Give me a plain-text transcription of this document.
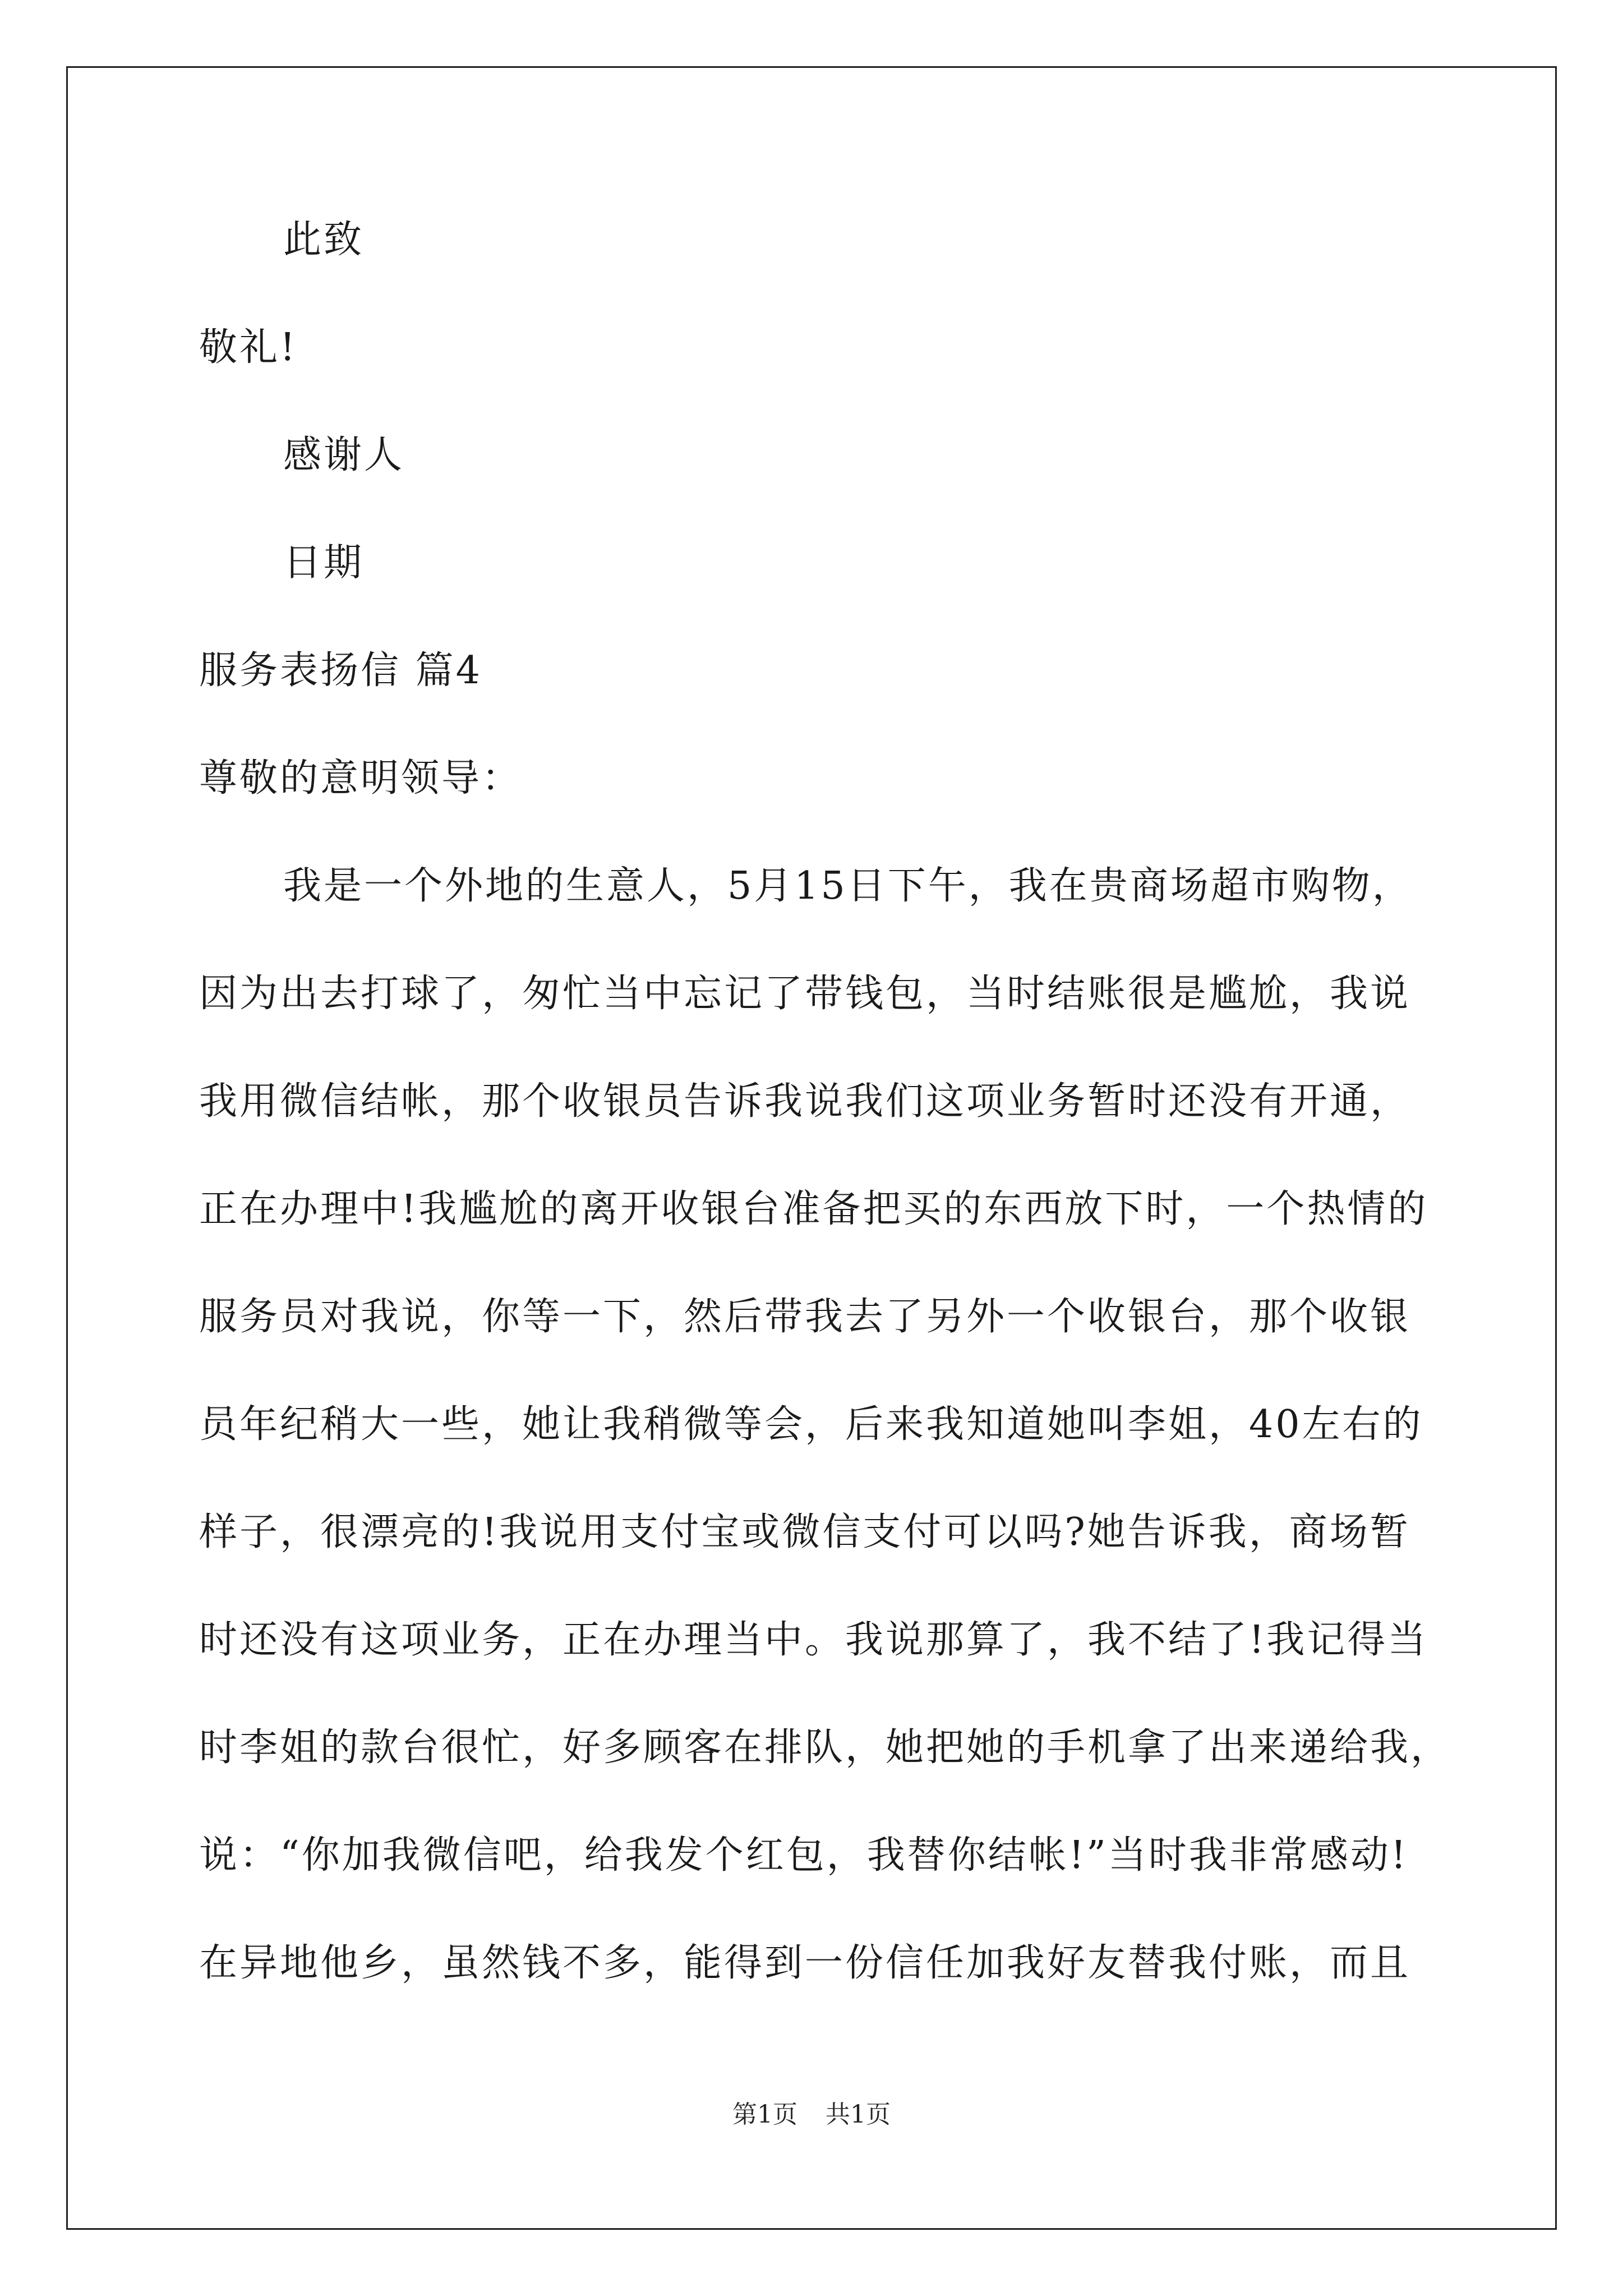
此致
敬礼!
感谢人
日期
服务表扬信 篇4
尊敬的意明领导：
我是一个外地的生意人，5月15日下午，我在贵商场超市购物，
因为出去打球了，匆忙当中忘记了带钱包，当时结账很是尴尬，我说
我用微信结帐，那个收银员告诉我说我们这项业务暂时还没有开通，
正在办理中!我尴尬的离开收银台准备把买的东西放下时，一个热情的
服务员对我说，你等一下，然后带我去了另外一个收银台，那个收银
员年纪稍大一些，她让我稍微等会，后来我知道她叫李姐，40左右的
样子，很漂亮的!我说用支付宝或微信支付可以吗?她告诉我，商场暂
时还没有这项业务，正在办理当中。我说那算了，我不结了!我记得当
时李姐的款台很忙，好多顾客在排队，她把她的手机拿了出来递给我，
说：“你加我微信吧，给我发个红包，我替你结帐!”当时我非常感动!
在异地他乡，虽然钱不多，能得到一份信任加我好友替我付账，而且
第1页 共1页
